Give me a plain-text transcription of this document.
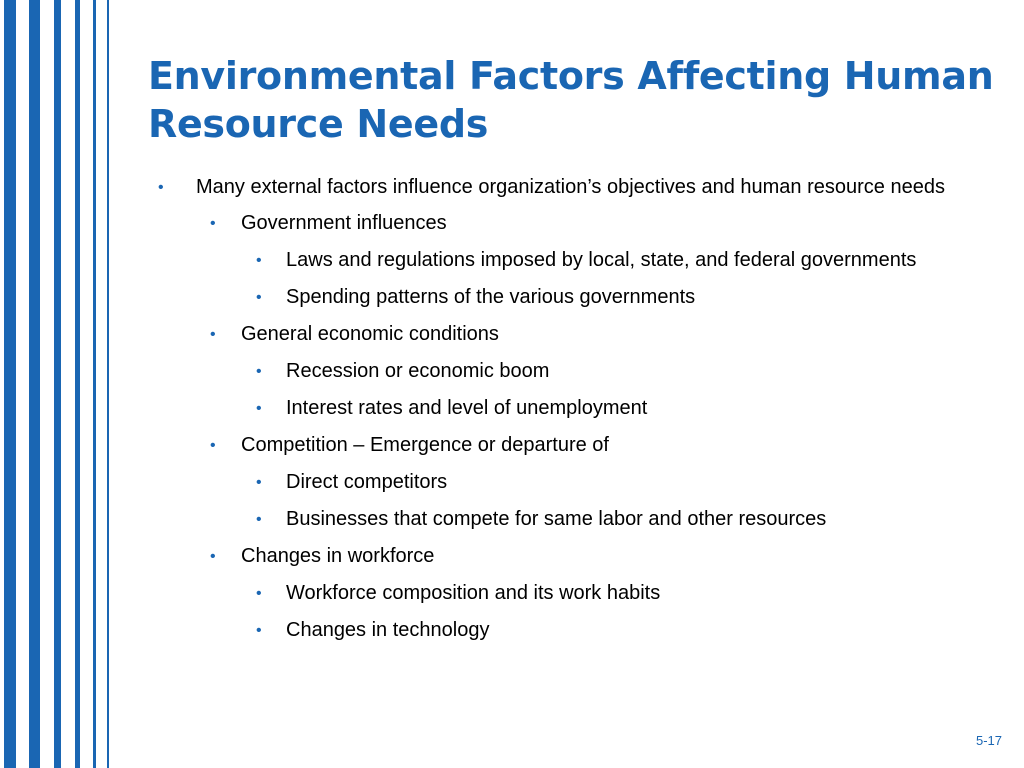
Environmental Factors Affecting Human Resource Needs
• Many external factors influence organization’s objectives and human resource needs
• Government influences
• Laws and regulations imposed by local, state, and federal governments
• Spending patterns of the various governments
• General economic conditions
• Recession or economic boom
• Interest rates and level of unemployment
• Competition – Emergence or departure of
• Direct competitors
• Businesses that compete for same labor and other resources
• Changes in workforce
• Workforce composition and its work habits
• Changes in technology
5-17
